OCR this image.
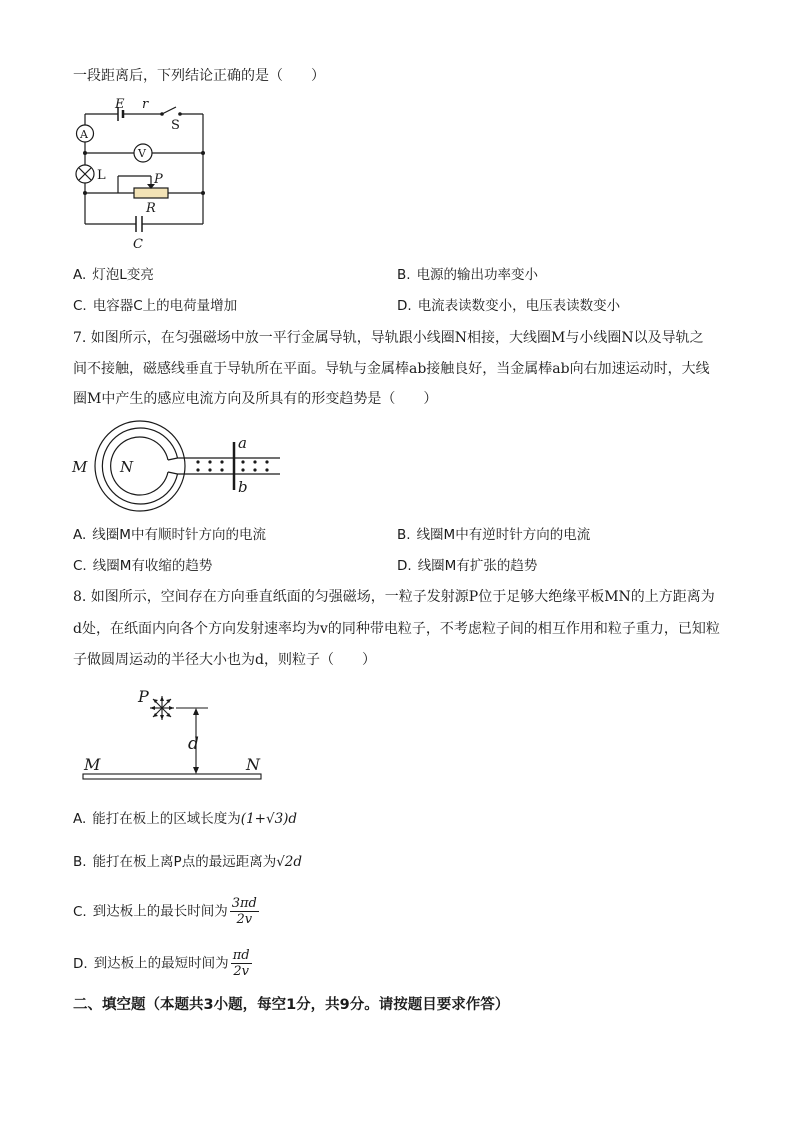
一段距离后，下列结论正确的是（　　）
E r
S
A
V
L	P
R
C
A. 灯泡L变亮	B. 电源的输出功率变小
C. 电容器C上的电荷量增加	D. 电流表读数变小，电压表读数变小
7. 如图所示，在匀强磁场中放一平行金属导轨，导轨跟小线圈N相接，大线圈M与小线圈N以及导轨之
间不接触，磁感线垂直于导轨所在平面。导轨与金属棒ab接触良好，当金属棒ab向右加速运动时，大线
圈M中产生的感应电流方向及所具有的形变趋势是（　　）
M N
a
b
A. 线圈M中有顺时针方向的电流	B. 线圈M中有逆时针方向的电流
C. 线圈M有收缩的趋势	D. 线圈M有扩张的趋势
8. 如图所示，空间存在方向垂直纸面的匀强磁场，一粒子发射源P位于足够大绝缘平板MN的上方距离为
d处，在纸面内向各个方向发射速率均为v的同种带电粒子，不考虑粒子间的相互作用和粒子重力，已知粒
子做圆周运动的半径大小也为d，则粒子（　　）
P
d
M	N
A. 能打在板上的区域长度为(1+√3)d
B. 能打在板上离P点的最远距离为√2d
C. 到达板上的最长时间为 $\frac{3\pi d}{2v}$
D. 到达板上的最短时间为 $\frac{\pi d}{2v}$
二、填空题（本题共3小题，每空1分，共9分。请按题目要求作答）
